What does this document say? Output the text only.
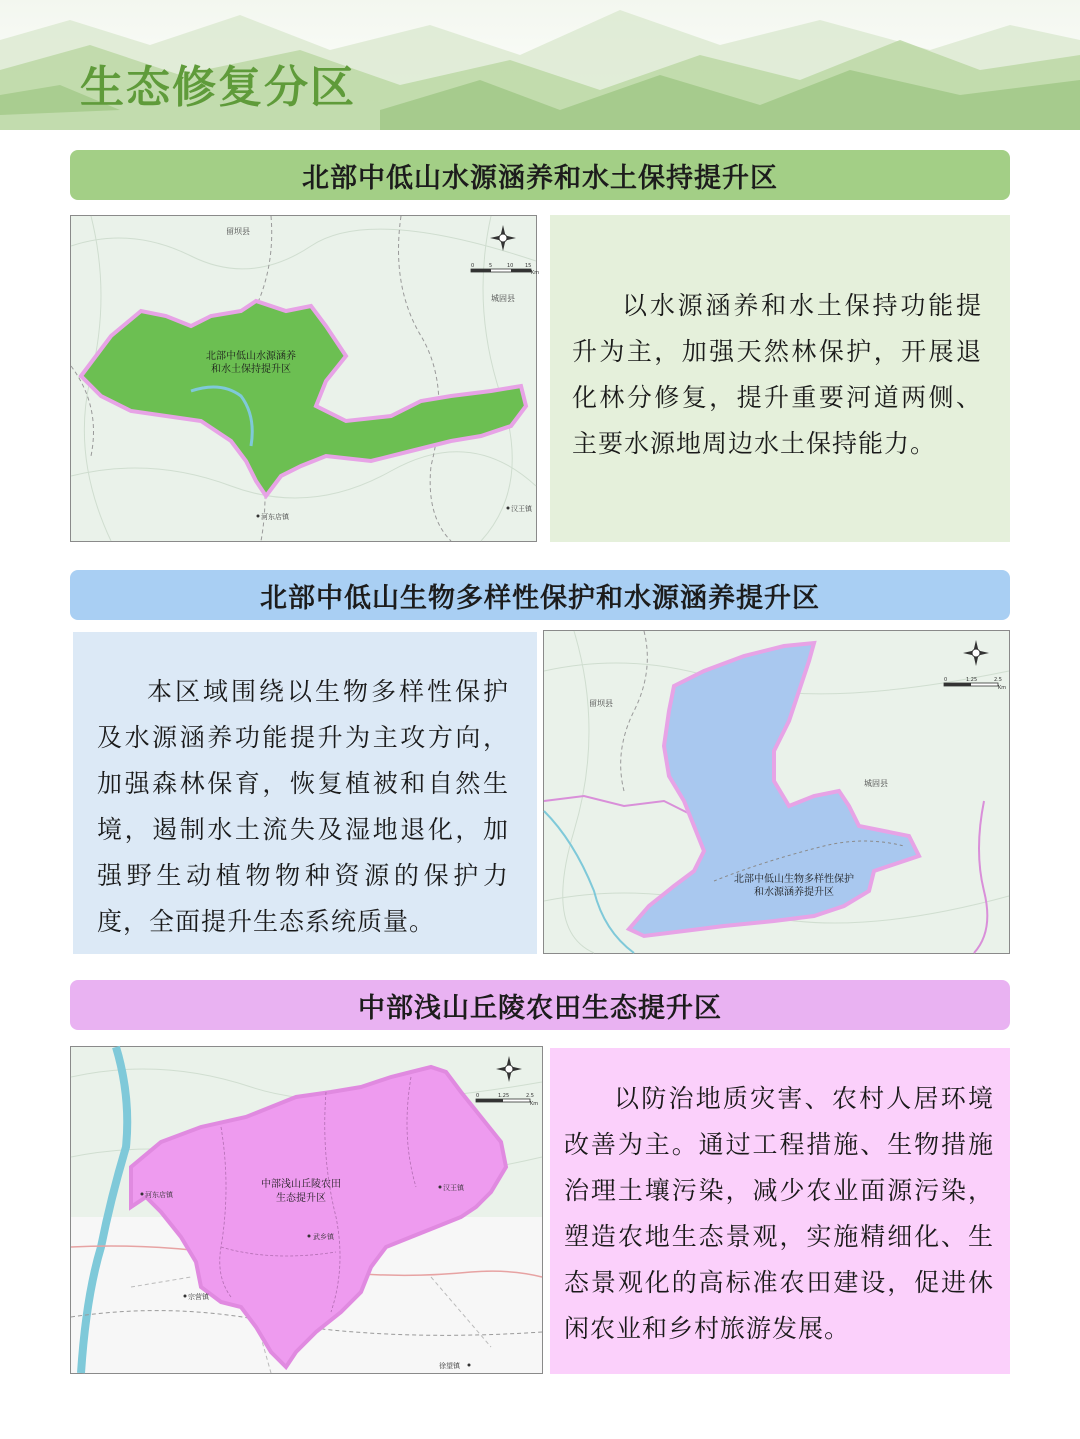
生态修复分区
北部中低山水源涵养和水土保持提升区
北部中低山水源涵养
和水土保持提升区
留坝县
城固县
河东店镇
汉王镇
0	5	10 15
Km

以水源涵养和水土保持功能提升为主，加强天然林保护，开展退化林分修复，提升重要河道两侧、主要水源地周边水土保持能力。

北部中低山生物多样性保护和水源涵养提升区

本区域围绕以生物多样性保护及水源涵养功能提升为主攻方向，加强森林保育，恢复植被和自然生境，遏制水土流失及湿地退化，加强野生动植物物种资源的保护力度，全面提升生态系统质量。

北部中低山生物多样性保护
和水源涵养提升区
留坝县
城固县
0	1.25	2.5
Km
中部浅山丘陵农田生态提升区
中部浅山丘陵农田
生态提升区
河东店镇
汉王镇
武乡镇
宗营镇
徐望镇
0	1.25	2.5
Km	以防治地质灾害、农村人居环境改善为主。通过工程措施、生物措施治理土壤污染，减少农业面源污染，塑造农地生态景观，实施精细化、生态景观化的高标准农田建设，促进休闲农业和乡村旅游发展。
